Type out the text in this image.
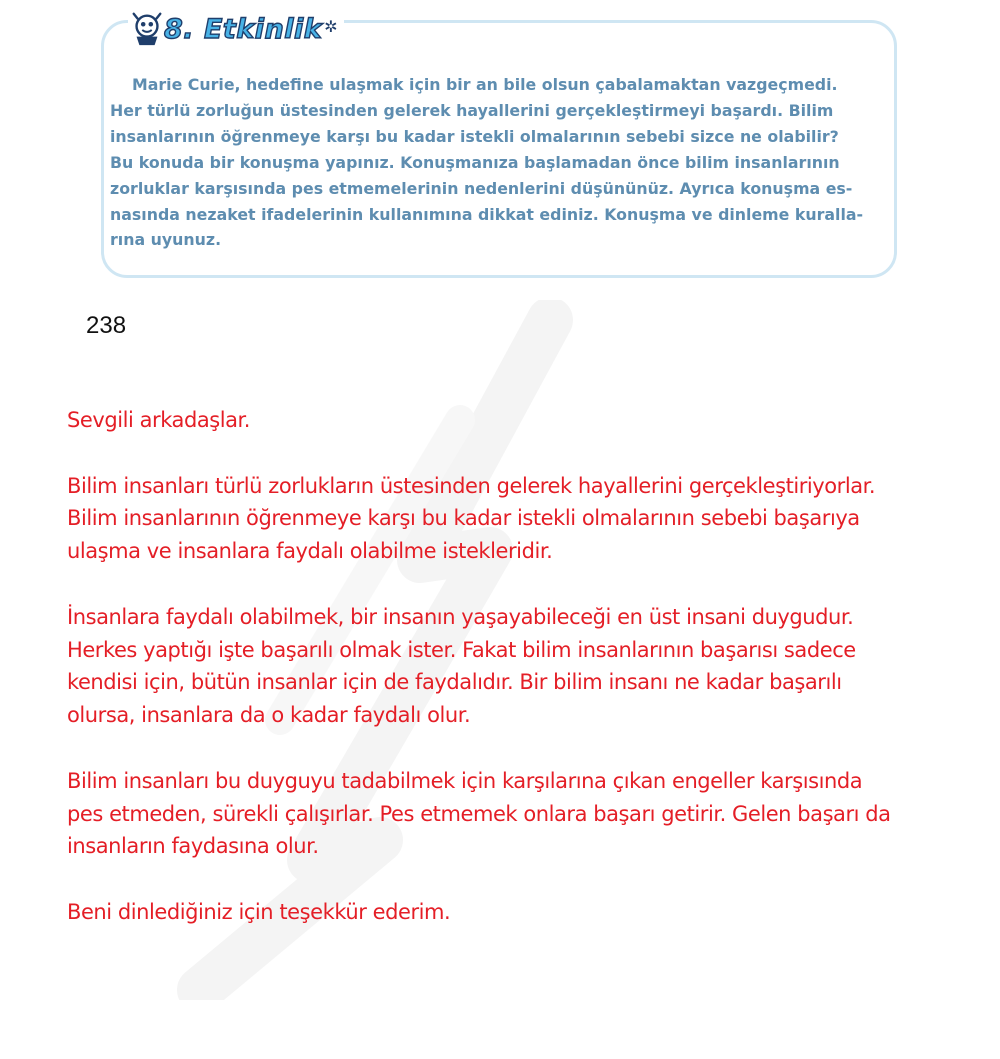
8. Etkinlik ✲

Marie Curie, hedefine ulaşmak için bir an bile olsun çabalamaktan vazgeçmedi.
Her türlü zorluğun üstesinden gelerek hayallerini gerçekleştirmeyi başardı. Bilim
insanlarının öğrenmeye karşı bu kadar istekli olmalarının sebebi sizce ne olabilir?
Bu konuda bir konuşma yapınız. Konuşmanıza başlamadan önce bilim insanlarının
zorluklar karşısında pes etmemelerinin nedenlerini düşününüz. Ayrıca konuşma es-
nasında nezaket ifadelerinin kullanımına dikkat ediniz. Konuşma ve dinleme kuralla-
rına uyunuz.

238
Sevgili arkadaşlar.
Bilim insanları türlü zorlukların üstesinden gelerek hayallerini gerçekleştiriyorlar.
Bilim insanlarının öğrenmeye karşı bu kadar istekli olmalarının sebebi başarıya
ulaşma ve insanlara faydalı olabilme istekleridir.
İnsanlara faydalı olabilmek, bir insanın yaşayabileceği en üst insani duygudur.
Herkes yaptığı işte başarılı olmak ister. Fakat bilim insanlarının başarısı sadece
kendisi için, bütün insanlar için de faydalıdır. Bir bilim insanı ne kadar başarılı
olursa, insanlara da o kadar faydalı olur.
Bilim insanları bu duyguyu tadabilmek için karşılarına çıkan engeller karşısında
pes etmeden, sürekli çalışırlar. Pes etmemek onlara başarı getirir. Gelen başarı da
insanların faydasına olur.
Beni dinlediğiniz için teşekkür ederim.
